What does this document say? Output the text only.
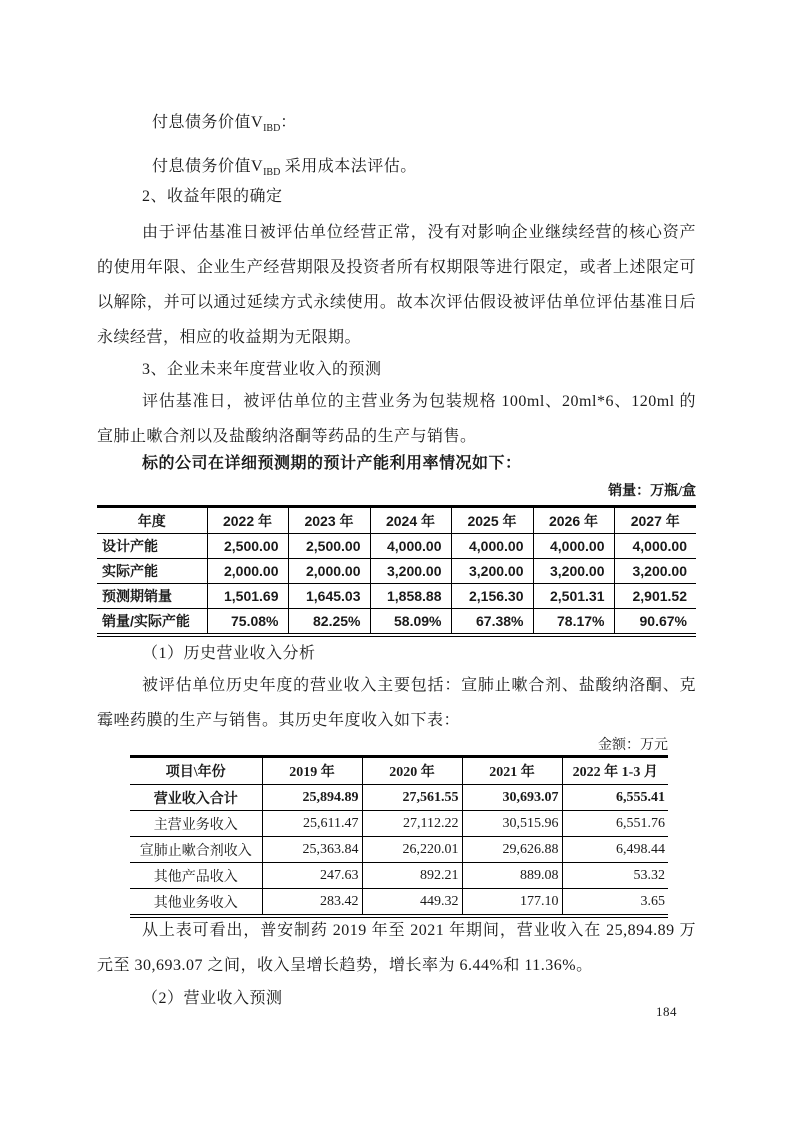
付息债务价值$V_{IBD}$：

付息债务价值$V_{IBD}$ 采用成本法评估。

2、收益年限的确定

由于评估基准日被评估单位经营正常，没有对影响企业继续经营的核心资产的使用年限、企业生产经营期限及投资者所有权期限等进行限定，或者上述限定可以解除，并可以通过延续方式永续使用。故本次评估假设被评估单位评估基准日后永续经营，相应的收益期为无限期。

3、企业未来年度营业收入的预测

评估基准日，被评估单位的主营业务为包装规格 100ml、20ml*6、120ml 的宣肺止嗽合剂以及盐酸纳洛酮等药品的生产与销售。

标的公司在详细预测期的预计产能利用率情况如下：

销量：万瓶/盒
年度	2022 年	2023 年	2024 年	2025 年	2026 年	2027 年
设计产能	2,500.00	2,500.00	4,000.00	4,000.00	4,000.00	4,000.00
实际产能	2,000.00	2,000.00	3,200.00	3,200.00	3,200.00	3,200.00
预测期销量	1,501.69	1,645.03	1,858.88	2,156.30	2,501.31	2,901.52
销量/实际产能	75.08%	82.25%	58.09%	67.38%	78.17%	90.67%
（1）历史营业收入分析

被评估单位历史年度的营业收入主要包括：宣肺止嗽合剂、盐酸纳洛酮、克霉唑药膜的生产与销售。其历史年度收入如下表：

金额：万元
项目\年份	2019 年	2020 年	2021 年	2022 年 1-3 月
营业收入合计	25,894.89	27,561.55	30,693.07	6,555.41
主营业务收入	25,611.47	27,112.22	30,515.96	6,551.76
宣肺止嗽合剂收入	25,363.84	26,220.01	29,626.88	6,498.44
其他产品收入	247.63	892.21	889.08	53.32
其他业务收入	283.42	449.32	177.10	3.65

从上表可看出，普安制药 2019 年至 2021 年期间，营业收入在 25,894.89 万元至 30,693.07 之间，收入呈增长趋势，增长率为 6.44%和 11.36%。

（2）营业收入预测
184
